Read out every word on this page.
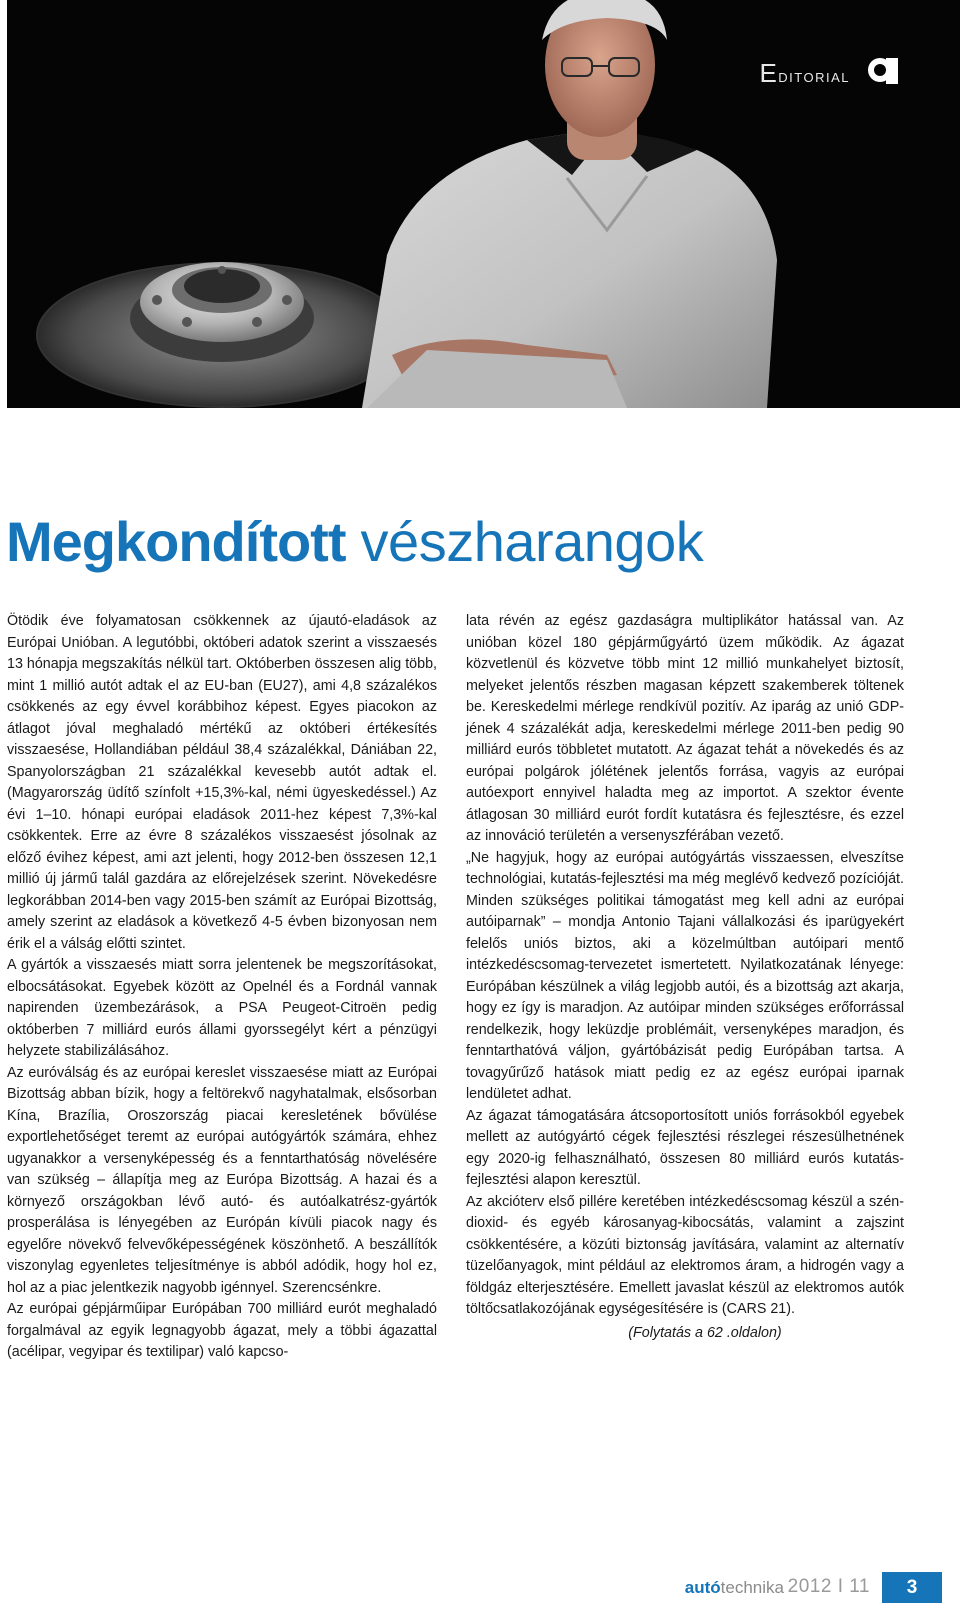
Editorial
Megkondított vészharangok

Ötödik éve folyamatosan csökkennek az újautó-eladások az Európai Unióban. A legutóbbi, októberi adatok szerint a visszaesés 13 hónapja megszakítás nélkül tart. Októberben összesen alig több, mint 1 millió autót adtak el az EU-ban (EU27), ami 4,8 százalékos csökkenés az egy évvel korábbihoz képest. Egyes piacokon az átlagot jóval meghaladó mértékű az októberi értékesítés visszaesése, Hollandiában például 38,4 százalékkal, Dániában 22, Spanyolországban 21 százalékkal kevesebb autót adtak el. (Magyarország üdítő színfolt +15,3%-kal, némi ügyeskedéssel.) Az évi 1–10. hónapi európai eladások 2011-hez képest 7,3%-kal csökkentek. Erre az évre 8 százalékos visszaesést jósolnak az előző évihez képest, ami azt jelenti, hogy 2012-ben összesen 12,1 millió új jármű talál gazdára az előrejelzések szerint. Növekedésre legkorábban 2014-ben vagy 2015-ben számít az Európai Bizottság, amely szerint az eladások a következő 4-5 évben bizonyosan nem érik el a válság előtti szintet.

A gyártók a visszaesés miatt sorra jelentenek be megszorításokat, elbocsátásokat. Egyebek között az Opelnél és a Fordnál vannak napirenden üzembezárások, a PSA Peugeot-Citroën pedig októberben 7 milliárd eurós állami gyorssegélyt kért a pénzügyi helyzete stabilizálásához.

Az euróválság és az európai kereslet visszaesése miatt az Európai Bizottság abban bízik, hogy a feltörekvő nagyhatalmak, elsősorban Kína, Brazília, Oroszország piacai keresletének bővülése exportlehetőséget teremt az európai autógyártók számára, ehhez ugyanakkor a versenyképesség és a fenntarthatóság növelésére van szükség – állapítja meg az Európa Bizottság. A hazai és a környező országokban lévő autó- és autóalkatrész-gyártók prosperálása is lényegében az Európán kívüli piacok nagy és egyelőre növekvő felvevőképességének köszönhető. A beszállítók viszonylag egyenletes teljesítménye is abból adódik, hogy hol ez, hol az a piac jelentkezik nagyobb igénnyel. Szerencsénkre.

Az európai gépjárműipar Európában 700 milliárd eurót meghaladó forgalmával az egyik legnagyobb ágazat, mely a többi ágazattal (acélipar, vegyipar és textilipar) való kapcso-

lata révén az egész gazdaságra multiplikátor hatással van. Az unióban közel 180 gépjárműgyártó üzem működik. Az ágazat közvetlenül és közvetve több mint 12 millió munkahelyet biztosít, melyeket jelentős részben magasan képzett szakemberek töltenek be. Kereskedelmi mérlege rendkívül pozitív. Az iparág az unió GDP-jének 4 százalékát adja, kereskedelmi mérlege 2011-ben pedig 90 milliárd eurós többletet mutatott. Az ágazat tehát a növekedés és az európai polgárok jólétének jelentős forrása, vagyis az európai autóexport ennyivel haladta meg az importot. A szektor évente átlagosan 30 milliárd eurót fordít kutatásra és fejlesztésre, és ezzel az innováció területén a versenyszférában vezető.

„Ne hagyjuk, hogy az európai autógyártás visszaessen, elveszítse technológiai, kutatás-fejlesztési ma még meglévő kedvező pozícióját. Minden szükséges politikai támogatást meg kell adni az európai autóiparnak” – mondja Antonio Tajani vállalkozási és iparügyekért felelős uniós biztos, aki a közelmúltban autóipari mentő intézkedéscsomag-tervezetet ismertetett. Nyilatkozatának lényege: Európában készülnek a világ legjobb autói, és a bizottság azt akarja, hogy ez így is maradjon. Az autóipar minden szükséges erőforrással rendelkezik, hogy leküzdje problémáit, versenyképes maradjon, és fenntarthatóvá váljon, gyártóbázisát pedig Európában tartsa. A tovagyűrűző hatások miatt pedig ez az egész európai iparnak lendületet adhat.

Az ágazat támogatására átcsoportosított uniós forrásokból egyebek mellett az autógyártó cégek fejlesztési részlegei részesülhetnének egy 2020-ig felhasználható, összesen 80 milliárd eurós kutatás-fejlesztési alapon keresztül.

Az akcióterv első pillére keretében intézkedéscsomag készül a szén-dioxid- és egyéb károsanyag-kibocsátás, valamint a zajszint csökkentésére, a közúti biztonság javítására, valamint az alternatív tüzelőanyagok, mint például az elektromos áram, a hidrogén vagy a földgáz elterjesztésére. Emellett javaslat készül az elektromos autók töltőcsatlakozójának egységesítésére is (CARS 21).

(Folytatás a 62 .oldalon)

autótechnika 2012 I 11	3
